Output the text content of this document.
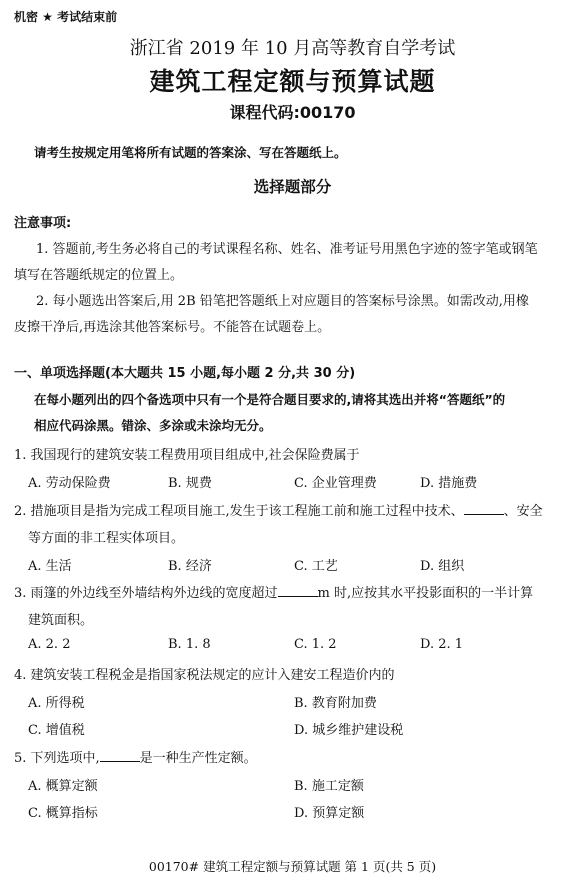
机密 ★ 考试结束前
浙江省 2019 年 10 月高等教育自学考试
建筑工程定额与预算试题
课程代码:00170
请考生按规定用笔将所有试题的答案涂、写在答题纸上。
选择题部分
注意事项:
1. 答题前,考生务必将自己的考试课程名称、姓名、准考证号用黑色字迹的签字笔或钢笔
填写在答题纸规定的位置上。
2. 每小题选出答案后,用 2B 铅笔把答题纸上对应题目的答案标号涂黑。如需改动,用橡
皮擦干净后,再选涂其他答案标号。不能答在试题卷上。
一、单项选择题(本大题共 15 小题,每小题 2 分,共 30 分)
在每小题列出的四个备选项中只有一个是符合题目要求的,请将其选出并将“答题纸”的
相应代码涂黑。错涂、多涂或未涂均无分。
1. 我国现行的建筑安装工程费用项目组成中,社会保险费属于
A. 劳动保险费	B. 规费	C. 企业管理费	D. 措施费
2. 措施项目是指为完成工程项目施工,发生于该工程施工前和施工过程中技术、	、安全
等方面的非工程实体项目。
A. 生活	B. 经济	C. 工艺	D. 组织
3. 雨篷的外边线至外墙结构外边线的宽度超过	m 时,应按其水平投影面积的一半计算
建筑面积。
A. 2. 2	B. 1. 8	C. 1. 2	D. 2. 1
4. 建筑安装工程税金是指国家税法规定的应计入建安工程造价内的
A. 所得税	B. 教育附加费
C. 增值税	D. 城乡维护建设税
5. 下列选项中,	是一种生产性定额。
A. 概算定额	B. 施工定额
C. 概算指标	D. 预算定额
00170# 建筑工程定额与预算试题 第 1 页(共 5 页)
